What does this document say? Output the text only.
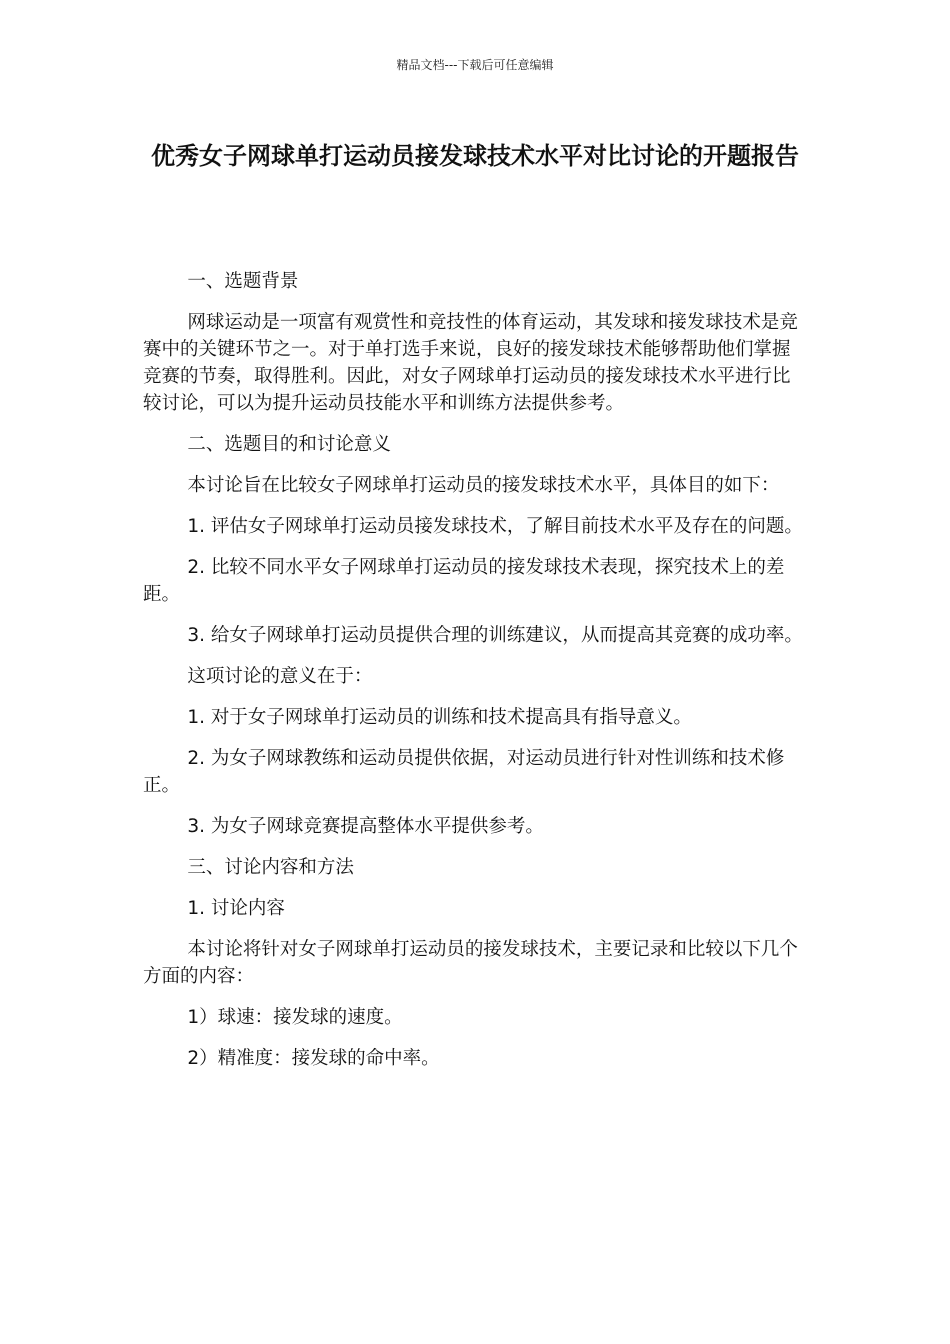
精品文档---下载后可任意编辑
优秀女子网球单打运动员接发球技术水平对比讨论的开题报告

一、选题背景

网球运动是一项富有观赏性和竞技性的体育运动，其发球和接发球技术是竞赛中的关键环节之一。对于单打选手来说，良好的接发球技术能够帮助他们掌握竞赛的节奏，取得胜利。因此，对女子网球单打运动员的接发球技术水平进行比较讨论，可以为提升运动员技能水平和训练方法提供参考。

二、选题目的和讨论意义

本讨论旨在比较女子网球单打运动员的接发球技术水平，具体目的如下：

1. 评估女子网球单打运动员接发球技术，了解目前技术水平及存在的问题。

2. 比较不同水平女子网球单打运动员的接发球技术表现，探究技术上的差距。

3. 给女子网球单打运动员提供合理的训练建议，从而提高其竞赛的成功率。

这项讨论的意义在于：

1. 对于女子网球单打运动员的训练和技术提高具有指导意义。

2. 为女子网球教练和运动员提供依据，对运动员进行针对性训练和技术修正。

3. 为女子网球竞赛提高整体水平提供参考。

三、讨论内容和方法

1. 讨论内容

本讨论将针对女子网球单打运动员的接发球技术，主要记录和比较以下几个方面的内容：

1）球速：接发球的速度。

2）精准度：接发球的命中率。
